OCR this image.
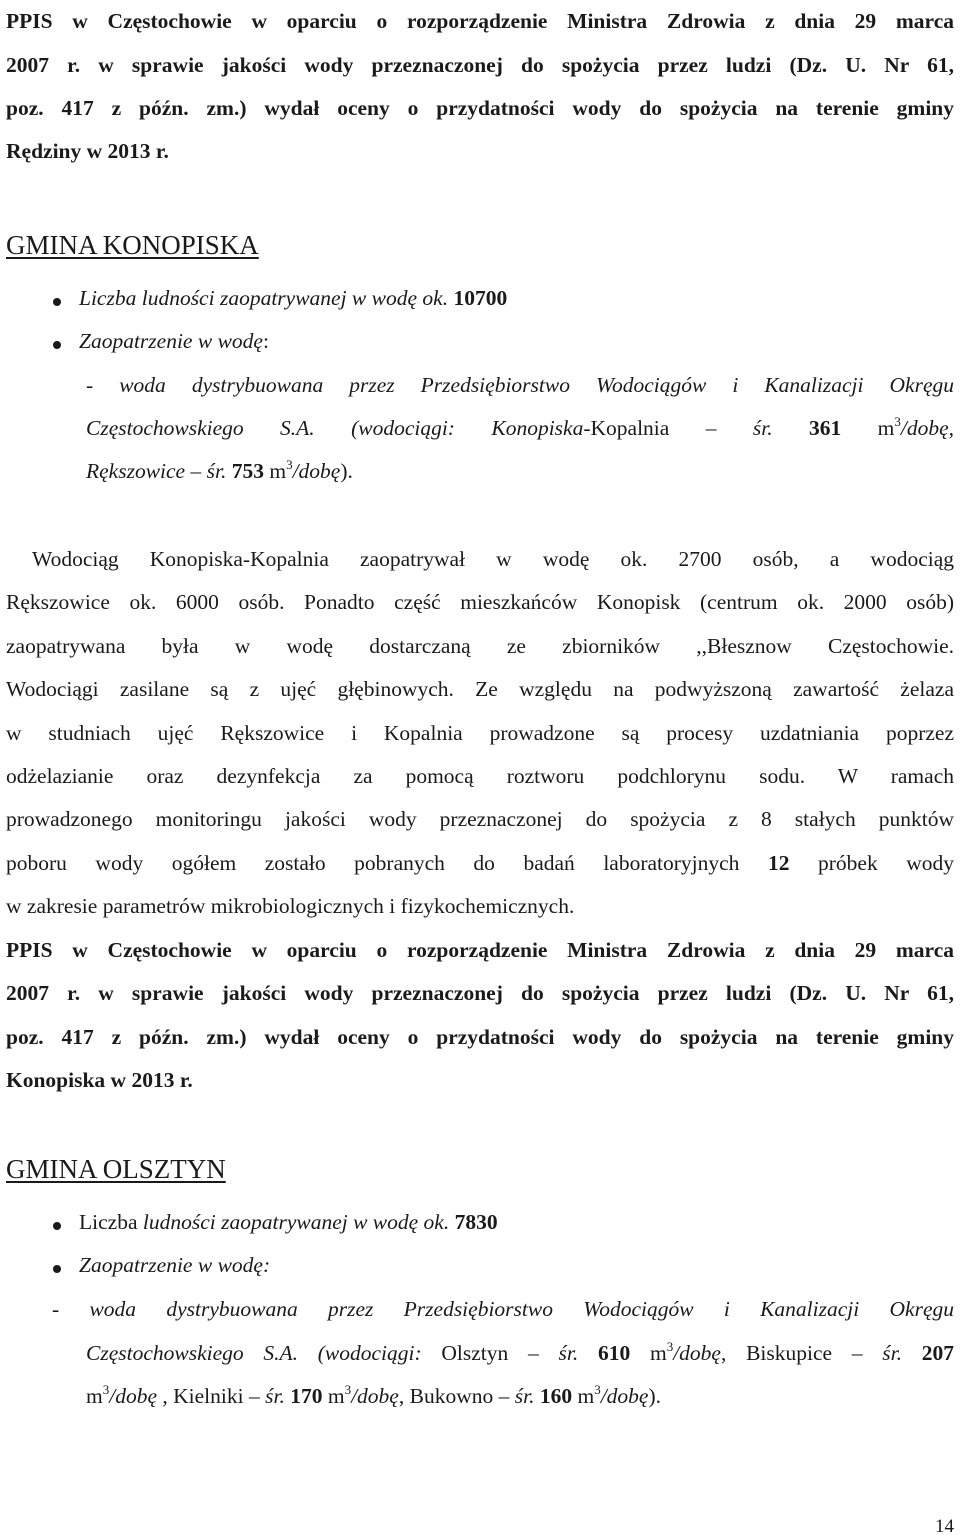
PPIS w Częstochowie w oparciu o rozporządzenie Ministra Zdrowia z dnia 29 marca
2007 r. w sprawie jakości wody przeznaczonej do spożycia przez ludzi (Dz. U. Nr 61,
poz. 417 z późn. zm.) wydał oceny o przydatności wody do spożycia na terenie gminy
Rędziny w 2013 r.
GMINA KONOPISKA
Liczba ludności zaopatrywanej w wodę ok. 10700
Zaopatrzenie w wodę:
- woda dystrybuowana przez Przedsiębiorstwo Wodociągów i Kanalizacji Okręgu
Częstochowskiego S.A. (wodociągi: Konopiska-Kopalnia – śr. 361 $m^3$/dobę,
Rększowice – śr. 753 $m^3/dobę$).
Wodociąg Konopiska-Kopalnia zaopatrywał w wodę ok. 2700 osób, a wodociąg
Rększowice ok. 6000 osób. Ponadto część mieszkańców Konopisk (centrum ok. 2000 osób)
zaopatrywana była w wodę dostarczaną ze zbiorników ,,Błesznow Częstochowie.
Wodociągi zasilane są z ujęć głębinowych. Ze względu na podwyższoną zawartość żelaza
w studniach ujęć Rększowice i Kopalnia prowadzone są procesy uzdatniania poprzez
odżelazianie oraz dezynfekcja za pomocą roztworu podchlorynu sodu. W ramach
prowadzonego monitoringu jakości wody przeznaczonej do spożycia z 8 stałych punktów
poboru wody ogółem zostało pobranych do badań laboratoryjnych 12 próbek wody
w zakresie parametrów mikrobiologicznych i fizykochemicznych.
PPIS w Częstochowie w oparciu o rozporządzenie Ministra Zdrowia z dnia 29 marca
2007 r. w sprawie jakości wody przeznaczonej do spożycia przez ludzi (Dz. U. Nr 61,
poz. 417 z późn. zm.) wydał oceny o przydatności wody do spożycia na terenie gminy
Konopiska w 2013 r.
GMINA OLSZTYN
Liczba ludności zaopatrywanej w wodę ok. 7830
Zaopatrzenie w wodę:
- woda dystrybuowana przez Przedsiębiorstwo Wodociągów i Kanalizacji Okręgu
Częstochowskiego S.A. (wodociągi: Olsztyn – śr. 610 $m^3$/dobę, Biskupice – śr. 207
$m^3$/dobę , Kielniki – śr. 170 $m^3$/dobę, Bukowno – śr. 160 $m^3/dobę$).
14
